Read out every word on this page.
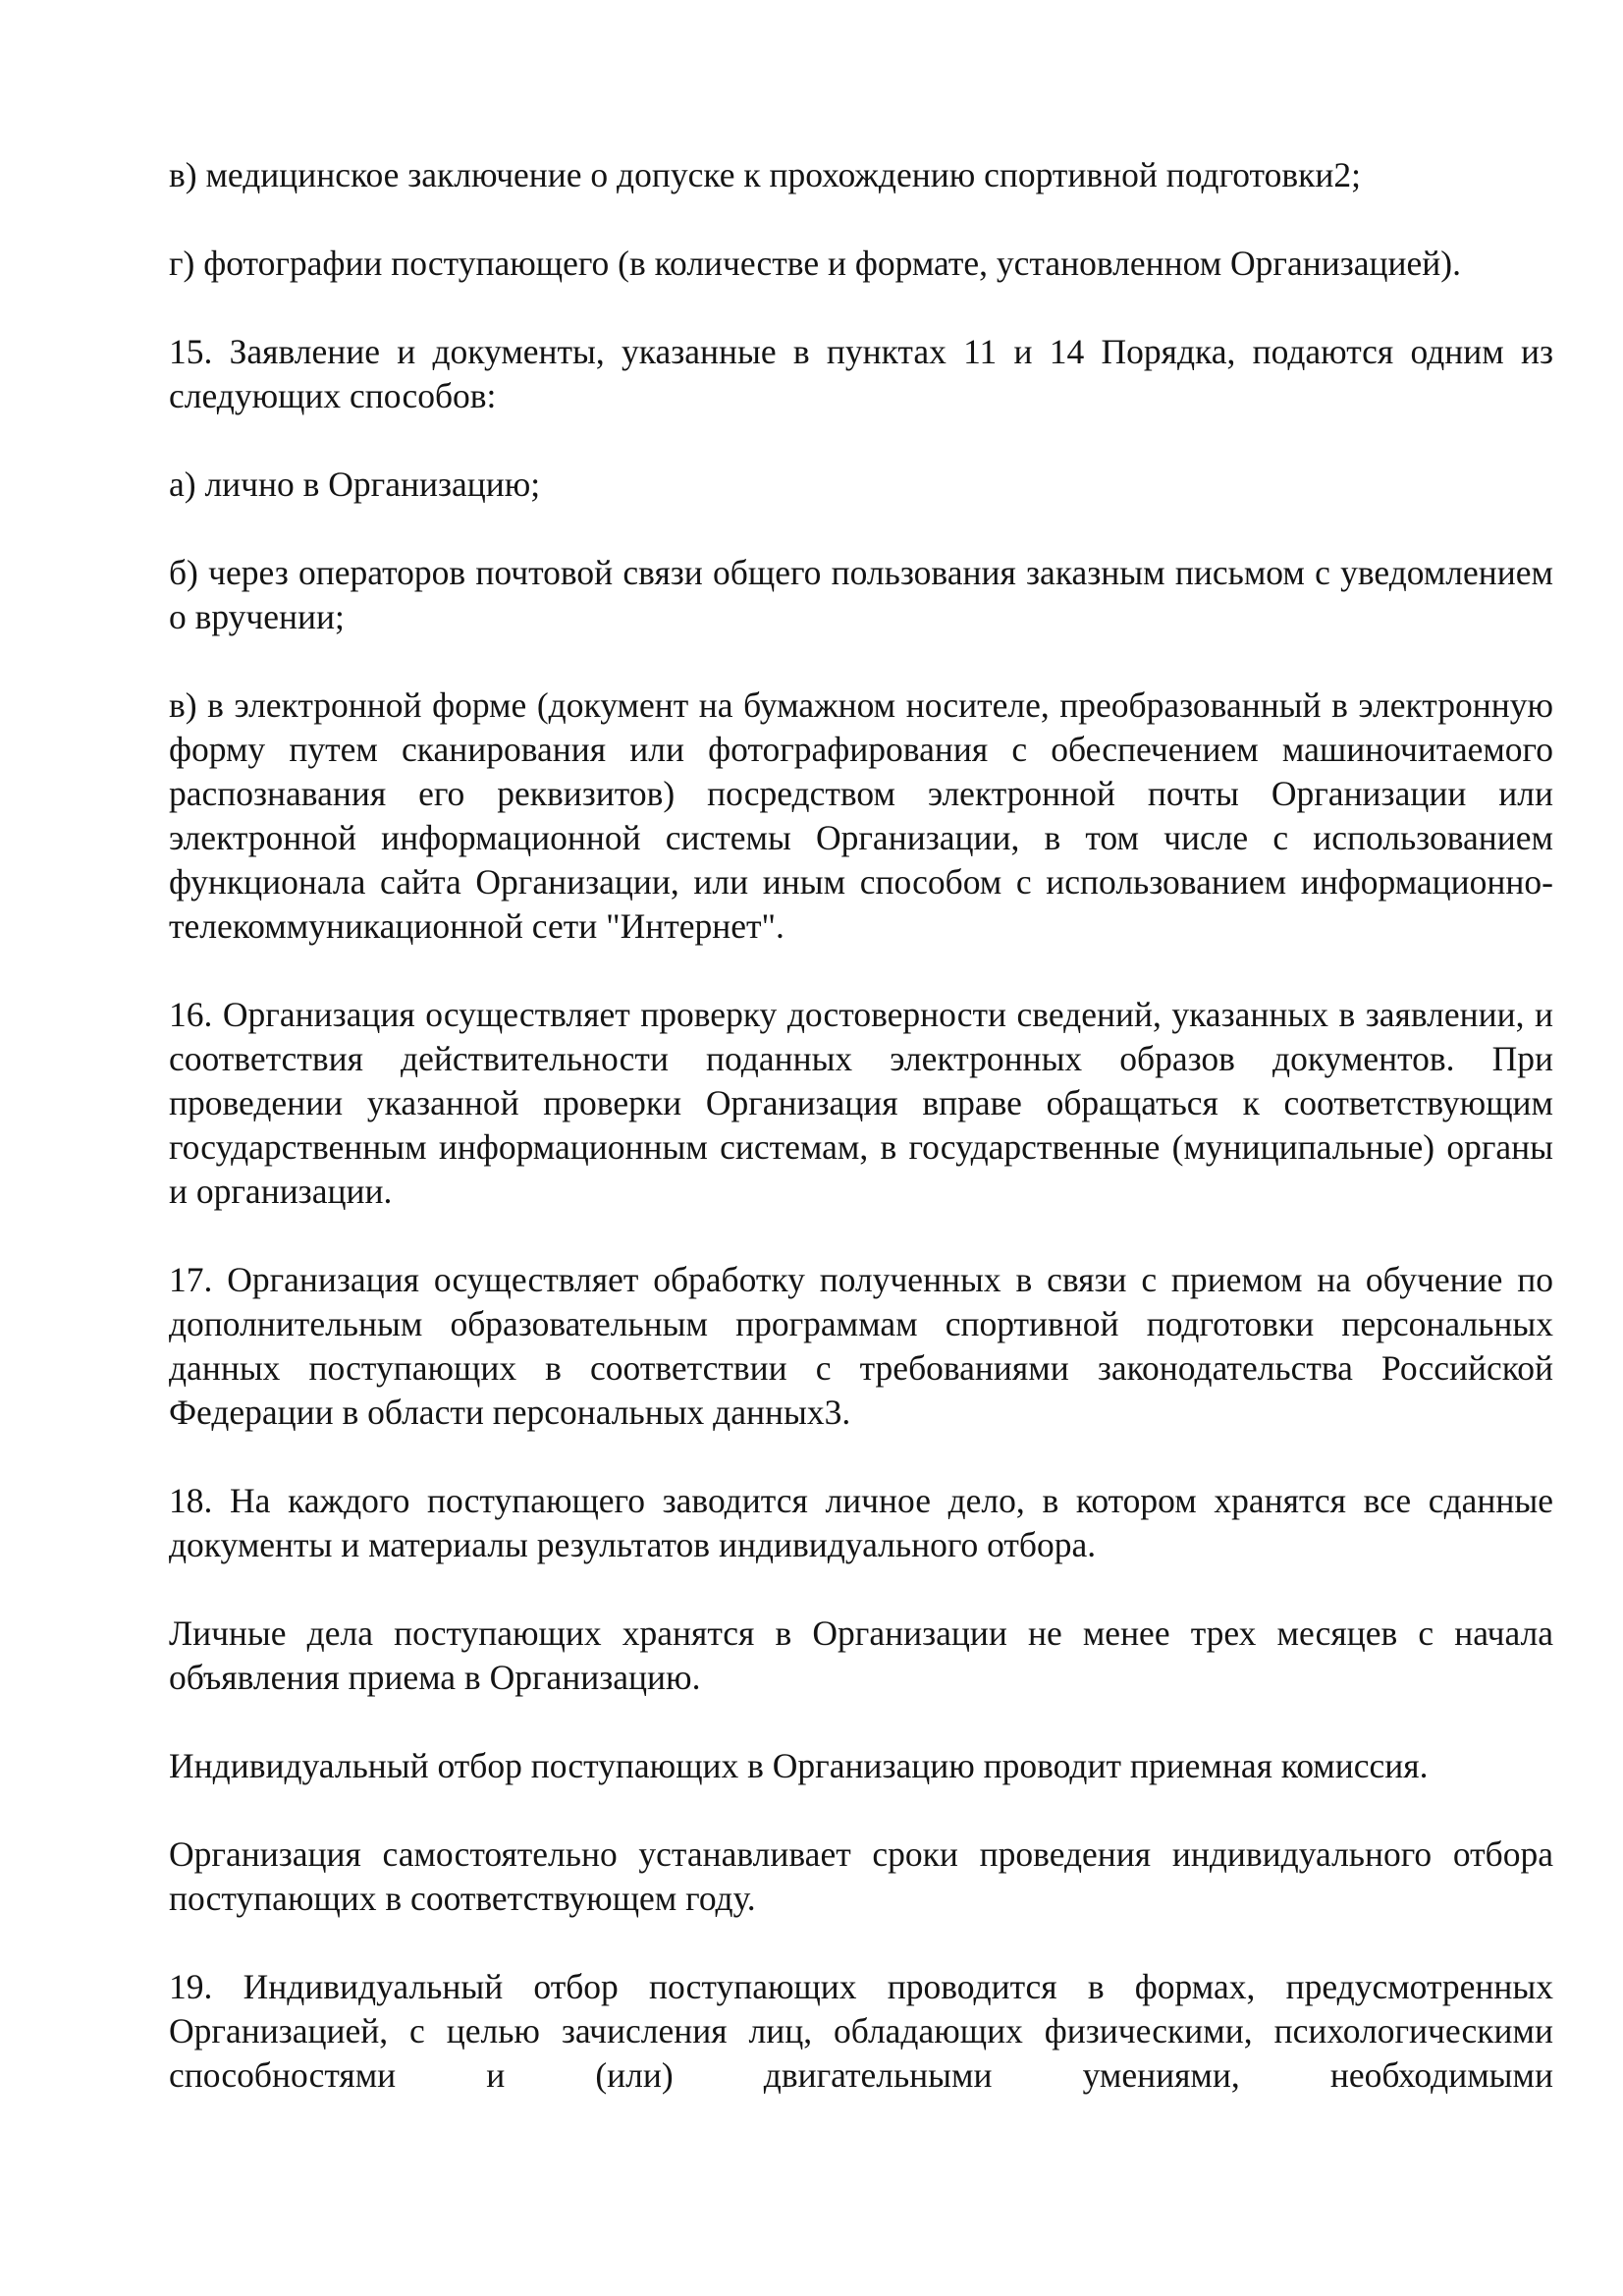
в) медицинское заключение о допуске к прохождению спортивной подготовки2;

г) фотографии поступающего (в количестве и формате, установленном Организацией).

15. Заявление и документы, указанные в пунктах 11 и 14 Порядка, подаются одним из следующих способов:

а) лично в Организацию;

б) через операторов почтовой связи общего пользования заказным письмом с уведомлением о вручении;

в) в электронной форме (документ на бумажном носителе, преобразованный в электронную форму путем сканирования или фотографирования с обеспечением машиночитаемого распознавания его реквизитов) посредством электронной почты Организации или электронной информационной системы Организации, в том числе с использованием функционала сайта Организации, или иным способом с использованием информационно-телекоммуникационной сети "Интернет".

16. Организация осуществляет проверку достоверности сведений, указанных в заявлении, и соответствия действительности поданных электронных образов документов. При проведении указанной проверки Организация вправе обращаться к соответствующим государственным информационным системам, в государственные (муниципальные) органы и организации.

17. Организация осуществляет обработку полученных в связи с приемом на обучение по дополнительным образовательным программам спортивной подготовки персональных данных поступающих в соответствии с требованиями законодательства Российской Федерации в области персональных данных3.

18. На каждого поступающего заводится личное дело, в котором хранятся все сданные документы и материалы результатов индивидуального отбора.

Личные дела поступающих хранятся в Организации не менее трех месяцев с начала объявления приема в Организацию.

Индивидуальный отбор поступающих в Организацию проводит приемная комиссия.

Организация самостоятельно устанавливает сроки проведения индивидуального отбора поступающих в соответствующем году.

19. Индивидуальный отбор поступающих проводится в формах, предусмотренных Организацией, с целью зачисления лиц, обладающих физическими, психологическими способностями и (или) двигательными умениями, необходимыми
